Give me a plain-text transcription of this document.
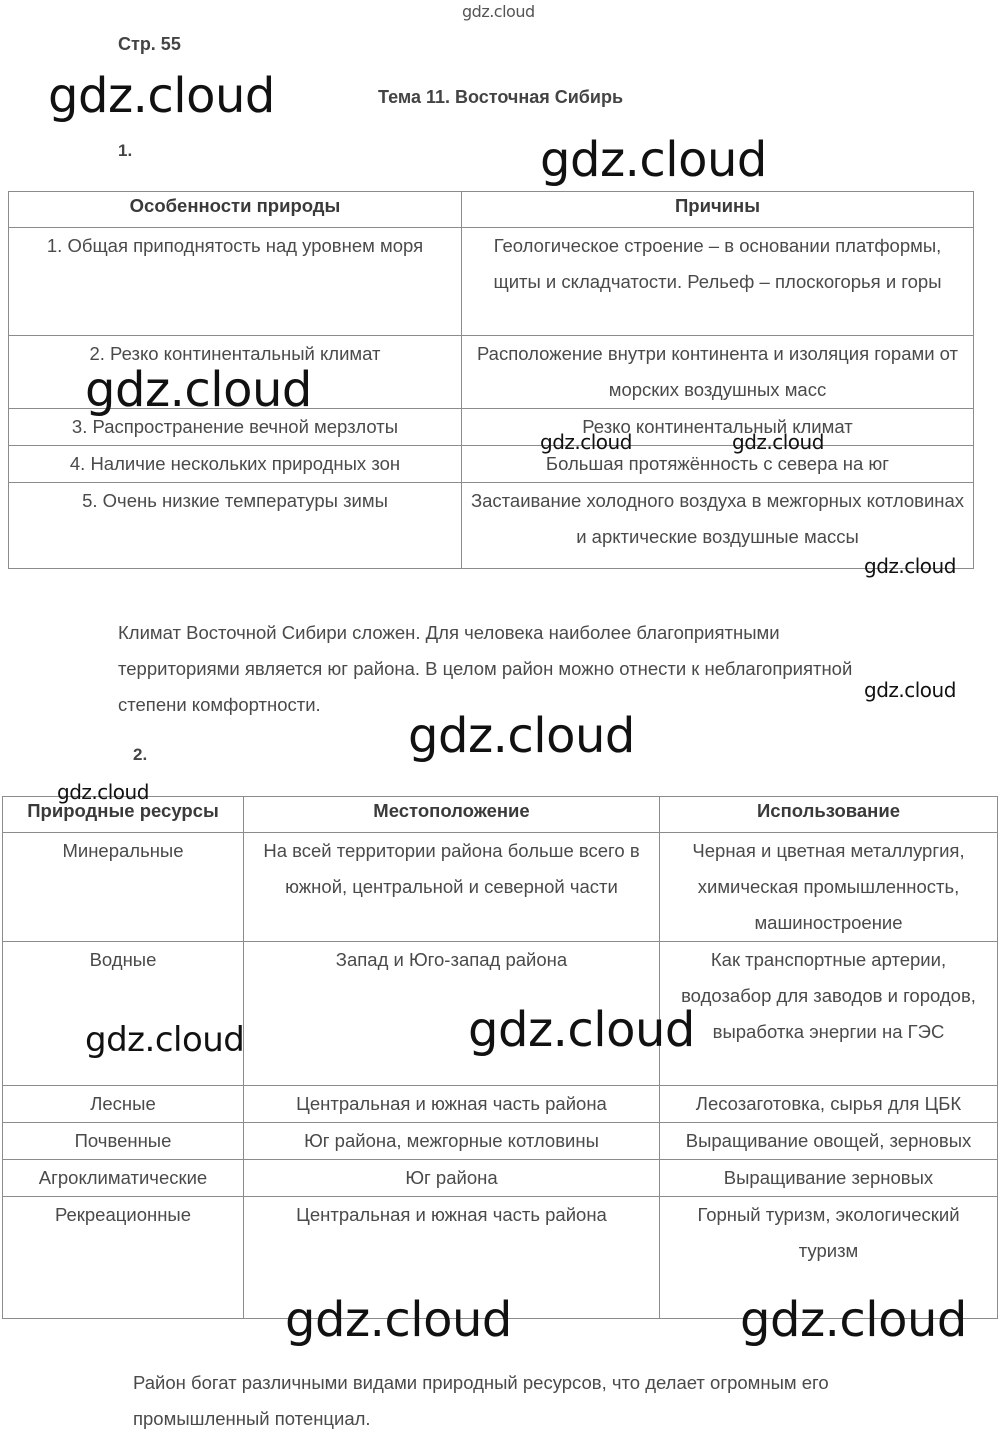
gdz.cloud
Стр. 55
Тема 11. Восточная Сибирь
1.
Особенности природы	Причины
1. Общая приподнятость над уровнем моря	Геологическое строение – в основании платформы, щиты и складчатости. Рельеф – плоскогорья и горы
2. Резко континентальный климат	Расположение внутри континента и изоляция горами от морских воздушных масс
3. Распространение вечной мерзлоты	Резко континентальный климат
4. Наличие нескольких природных зон	Большая протяжённость с севера на юг
5. Очень низкие температуры зимы	Застаивание холодного воздуха в межгорных котловинах и арктические воздушные массы
Климат Восточной Сибири сложен. Для человека наиболее благоприятными территориями является юг района. В целом район можно отнести к неблагоприятной степени комфортности.
2.
Природные ресурсы	Местоположение	Использование
Минеральные	На всей территории района больше всего в южной, центральной и северной части	Черная и цветная металлургия, химическая промышленность, машиностроение
Водные	Запад и Юго-запад района	Как транспортные артерии, водозабор для заводов и городов, выработка энергии на ГЭС
Лесные	Центральная и южная часть района	Лесозаготовка, сырья для ЦБК
Почвенные	Юг района, межгорные котловины	Выращивание овощей, зерновых
Агроклиматические	Юг района	Выращивание зерновых
Рекреационные	Центральная и южная часть района	Горный туризм, экологический туризм
Район богат различными видами природный ресурсов, что делает огромным его промышленный потенциал.
gdz.cloud
gdz.cloud
gdz.cloud
gdz.cloud	gdz.cloud
gdz.cloud
gdz.cloud
gdz.cloud
gdz.cloud
gdz.cloud	gdz.cloud
gdz.cloud	gdz.cloud
